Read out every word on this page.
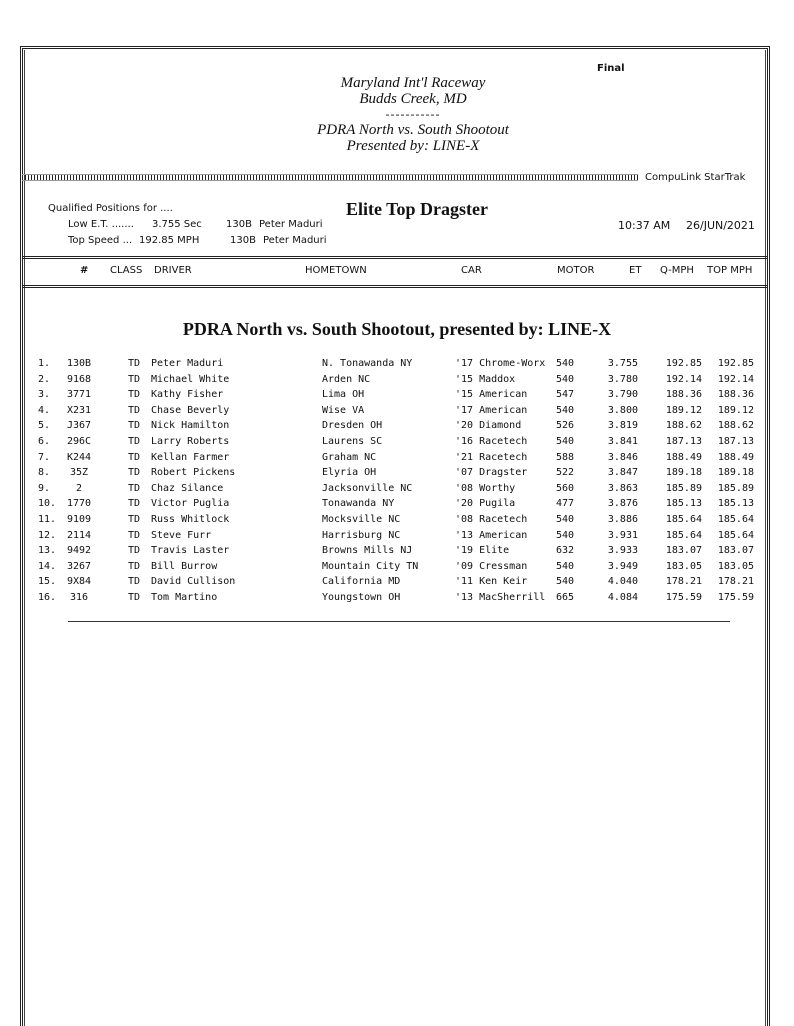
Final
Maryland Int'l Raceway
Budds Creek, MD
-----------
PDRA North vs. South Shootout
Presented by: LINE-X
CompuLink StarTrak
Qualified Positions for ....
Low E.T. ....... 3.755 Sec 130B Peter Maduri
Top Speed ... 192.85 MPH	130B Peter Maduri
Elite Top Dragster
10:37 AM 26/JUN/2021
# CLASS DRIVER	HOMETOWN	CAR	MOTOR	ET Q-MPH TOP MPH
PDRA North vs. South Shootout, presented by: LINE-X
1.	130B	TD Peter Maduri	N. Tonawanda NY	'17 Chrome-Worx 540	3.755	192.85	192.85
2.	9168	TD Michael White	Arden NC	'15 Maddox	540	3.780	192.14	192.14
3.	3771	TD Kathy Fisher	Lima OH	'15 American	547	3.790	188.36	188.36
4.	X231	TD Chase Beverly	Wise VA	'17 American	540	3.800	189.12	189.12
5.	J367	TD Nick Hamilton	Dresden OH	'20 Diamond	526	3.819	188.62	188.62
6.	296C	TD Larry Roberts	Laurens SC	'16 Racetech	540	3.841	187.13	187.13
7.	K244	TD Kellan Farmer	Graham NC	'21 Racetech	588	3.846	188.49	188.49
8.	35Z	TD Robert Pickens	Elyria OH	'07 Dragster	522	3.847	189.18	189.18
9.	2	TD Chaz Silance	Jacksonville NC	'08 Worthy	560	3.863	185.89	185.89
10.	1770	TD Victor Puglia	Tonawanda NY	'20 Pugila	477	3.876	185.13	185.13
11.	9109	TD Russ Whitlock	Mocksville NC	'08 Racetech	540	3.886	185.64	185.64
12.	2114	TD Steve Furr	Harrisburg NC	'13 American	540	3.931	185.64	185.64
13.	9492	TD Travis Laster	Browns Mills NJ	'19 Elite	632	3.933	183.07	183.07
14.	3267	TD Bill Burrow	Mountain City TN	'09 Cressman	540	3.949	183.05	183.05
15.	9X84	TD David Cullison	California MD	'11 Ken Keir	540	4.040	178.21	178.21
16.	316	TD Tom Martino	Youngstown OH	'13 MacSherrill 665	4.084	175.59	175.59
